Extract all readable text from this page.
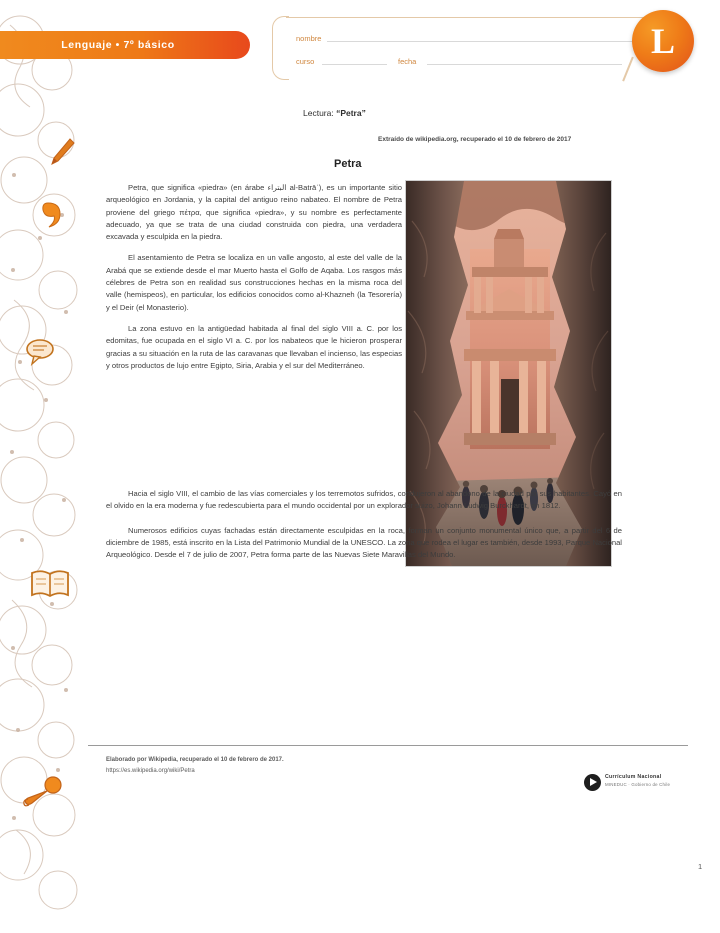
Lenguaje • 7º básico
nombre
curso	fecha
L
Lectura: “Petra”
Extraído de wikipedia.org, recuperado el 10 de febrero de 2017
Petra

Petra, que significa «piedra» (en árabe البتراء al-Batrāʾ), es un importante sitio arqueológico en Jordania, y la capital del antiguo reino nabateo. El nombre de Petra proviene del griego πέτρα, que significa «piedra», y su nombre es perfectamente adecuado, ya que se trata de una ciudad construida con piedra, una verdadera excavada y esculpida en la piedra.

El asentamiento de Petra se localiza en un valle angosto, al este del valle de la Arabá que se extiende desde el mar Muerto hasta el Golfo de Aqaba. Los rasgos más célebres de Petra son en realidad sus construcciones hechas en la misma roca del valle (hemispeos), en particular, los edificios conocidos como al-Khazneh (la Tesorería) y el Deir (el Monasterio).

La zona estuvo en la antigüedad habitada al final del siglo VIII a. C. por los edomitas, fue ocupada en el siglo VI a. C. por los nabateos que le hicieron prosperar gracias a su situación en la ruta de las caravanas que llevaban el incienso, las especias y otros productos de lujo entre Egipto, Siria, Arabia y el sur del Mediterráneo.

Hacia el siglo VIII, el cambio de las vías comerciales y los terremotos sufridos, condujeron al abandono de la ciudad por sus habitantes. Cayó en el olvido en la era moderna y fue redescubierta para el mundo occidental por un explorador suizo, Johann Ludwig Burckhardt, en 1812.

Numerosos edificios cuyas fachadas están directamente esculpidas en la roca, forman un conjunto monumental único que, a partir del 6 de diciembre de 1985, está inscrito en la Lista del Patrimonio Mundial de la UNESCO. La zona que rodea el lugar es también, desde 1993, Parque Nacional Arqueológico. Desde el 7 de julio de 2007, Petra forma parte de las Nuevas Siete Maravillas del Mundo.

Elaborado por Wikipedia, recuperado el 10 de febrero de 2017.
https://es.wikipedia.org/wiki/Petra
Currículum Nacional
MINEDUC · Gobierno de Chile
1
